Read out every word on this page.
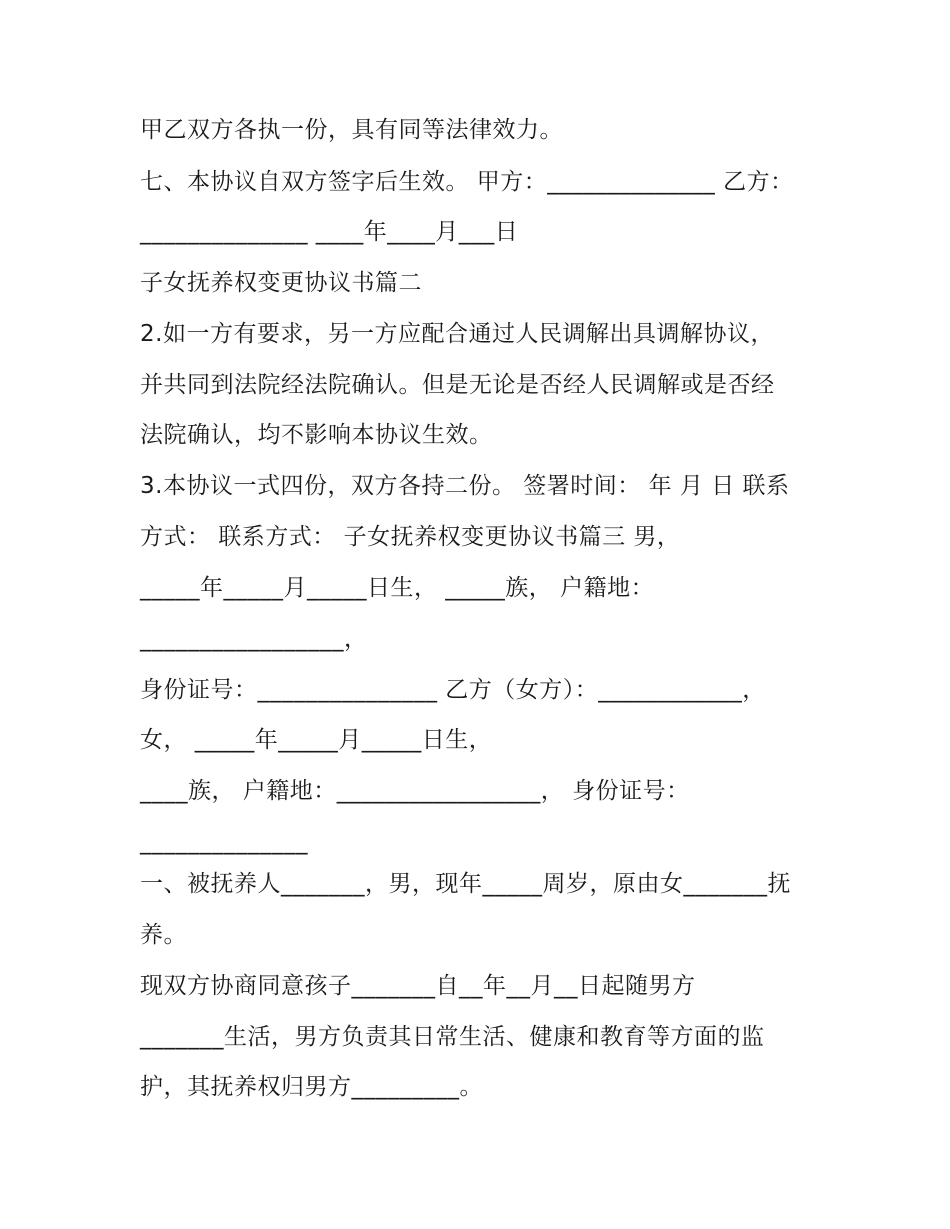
甲乙双方各执一份，具有同等法律效力。
七、本协议自双方签字后生效。 甲方：______________ 乙方：
______________ ____年____月___日
子女抚养权变更协议书篇二
2.如一方有要求，另一方应配合通过人民调解出具调解协议，
并共同到法院经法院确认。但是无论是否经人民调解或是否经
法院确认，均不影响本协议生效。
3.本协议一式四份，双方各持二份。 签署时间： 年 月 日 联系
方式： 联系方式： 子女抚养权变更协议书篇三 男，
_____年_____月_____日生， _____族， 户籍地：
_________________，
身份证号：_______________ 乙方（女方）：____________，
女， _____年_____月_____日生，
____族， 户籍地：_________________， 身份证号：
______________
一、被抚养人_______，男，现年_____周岁，原由女_______抚
养。
现双方协商同意孩子_______自__年__月__日起随男方
_______生活，男方负责其日常生活、健康和教育等方面的监
护，其抚养权归男方_________。
